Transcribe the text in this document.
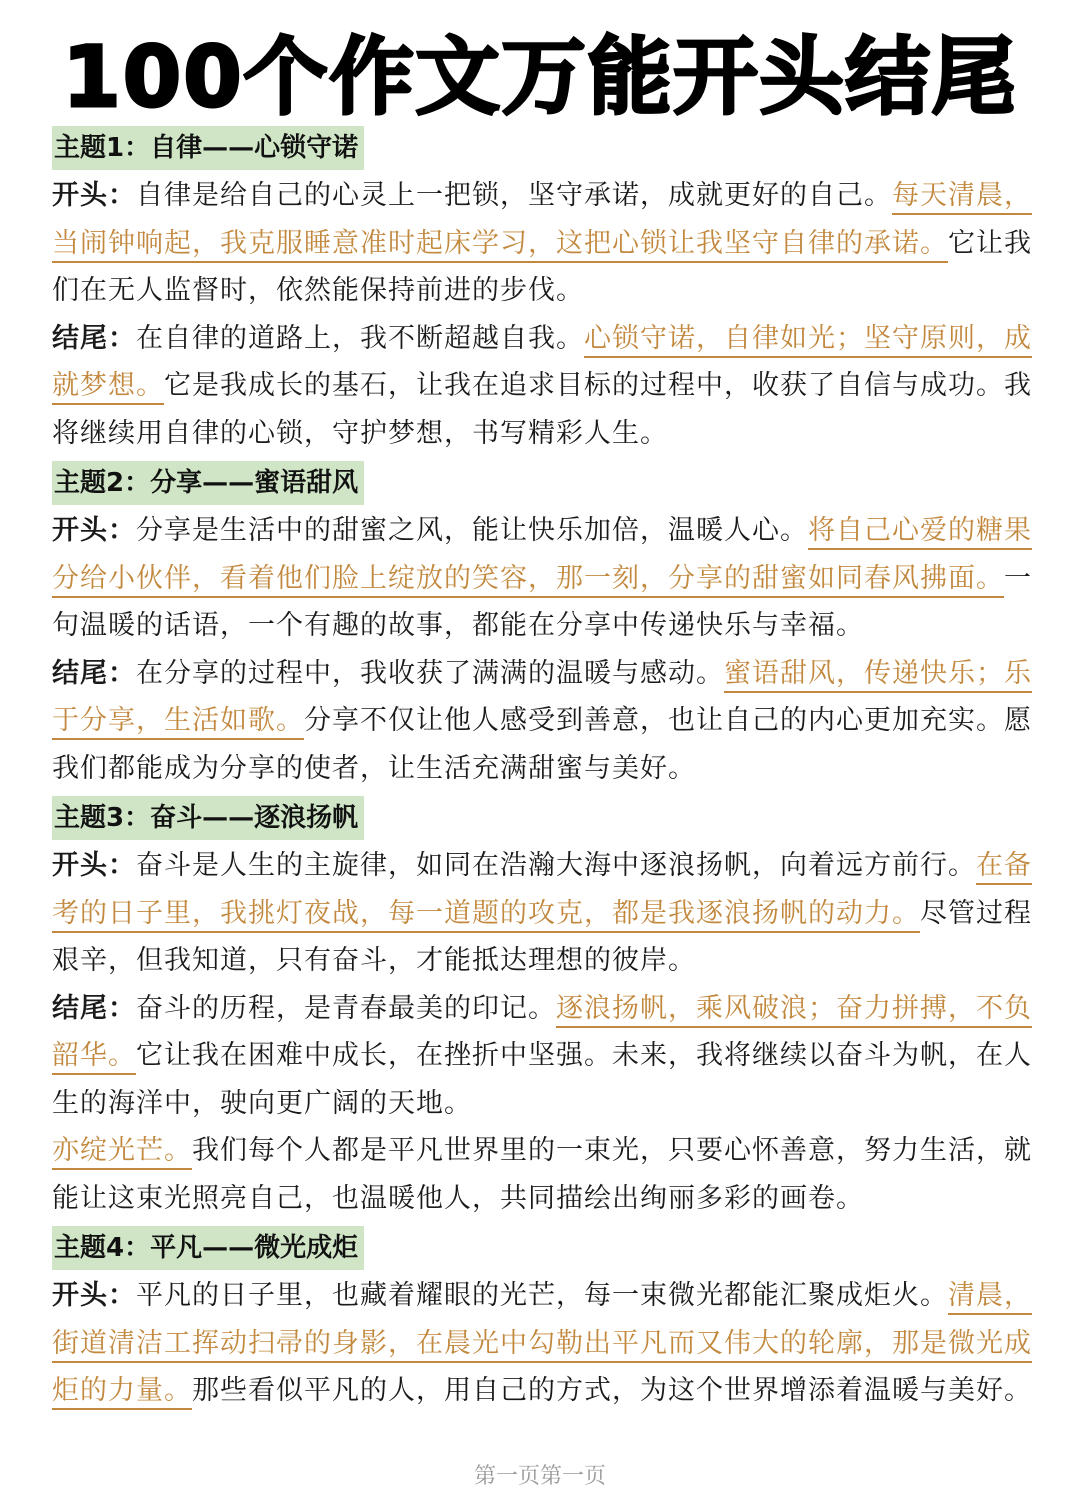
100个作文万能开头结尾
主题1：自律——心锁守诺

开头：自律是给自己的心灵上一把锁，坚守承诺，成就更好的自己。每天清晨，当闹钟响起，我克服睡意准时起床学习，这把心锁让我坚守自律的承诺。它让我们在无人监督时，依然能保持前进的步伐。

结尾：在自律的道路上，我不断超越自我。心锁守诺，自律如光；坚守原则，成就梦想。它是我成长的基石，让我在追求目标的过程中，收获了自信与成功。我将继续用自律的心锁，守护梦想，书写精彩人生。

主题2：分享——蜜语甜风

开头：分享是生活中的甜蜜之风，能让快乐加倍，温暖人心。将自己心爱的糖果分给小伙伴，看着他们脸上绽放的笑容，那一刻，分享的甜蜜如同春风拂面。一句温暖的话语，一个有趣的故事，都能在分享中传递快乐与幸福。

结尾：在分享的过程中，我收获了满满的温暖与感动。蜜语甜风，传递快乐；乐于分享，生活如歌。分享不仅让他人感受到善意，也让自己的内心更加充实。愿我们都能成为分享的使者，让生活充满甜蜜与美好。

主题3：奋斗——逐浪扬帆

开头：奋斗是人生的主旋律，如同在浩瀚大海中逐浪扬帆，向着远方前行。在备考的日子里，我挑灯夜战，每一道题的攻克，都是我逐浪扬帆的动力。尽管过程艰辛，但我知道，只有奋斗，才能抵达理想的彼岸。

结尾：奋斗的历程，是青春最美的印记。逐浪扬帆，乘风破浪；奋力拼搏，不负韶华。它让我在困难中成长，在挫折中坚强。未来，我将继续以奋斗为帆，在人生的海洋中，驶向更广阔的天地。

亦绽光芒。我们每个人都是平凡世界里的一束光，只要心怀善意，努力生活，就能让这束光照亮自己，也温暖他人，共同描绘出绚丽多彩的画卷。

主题4：平凡——微光成炬

开头：平凡的日子里，也藏着耀眼的光芒，每一束微光都能汇聚成炬火。清晨，街道清洁工挥动扫帚的身影，在晨光中勾勒出平凡而又伟大的轮廓，那是微光成炬的力量。那些看似平凡的人，用自己的方式，为这个世界增添着温暖与美好。

第一页第一页
